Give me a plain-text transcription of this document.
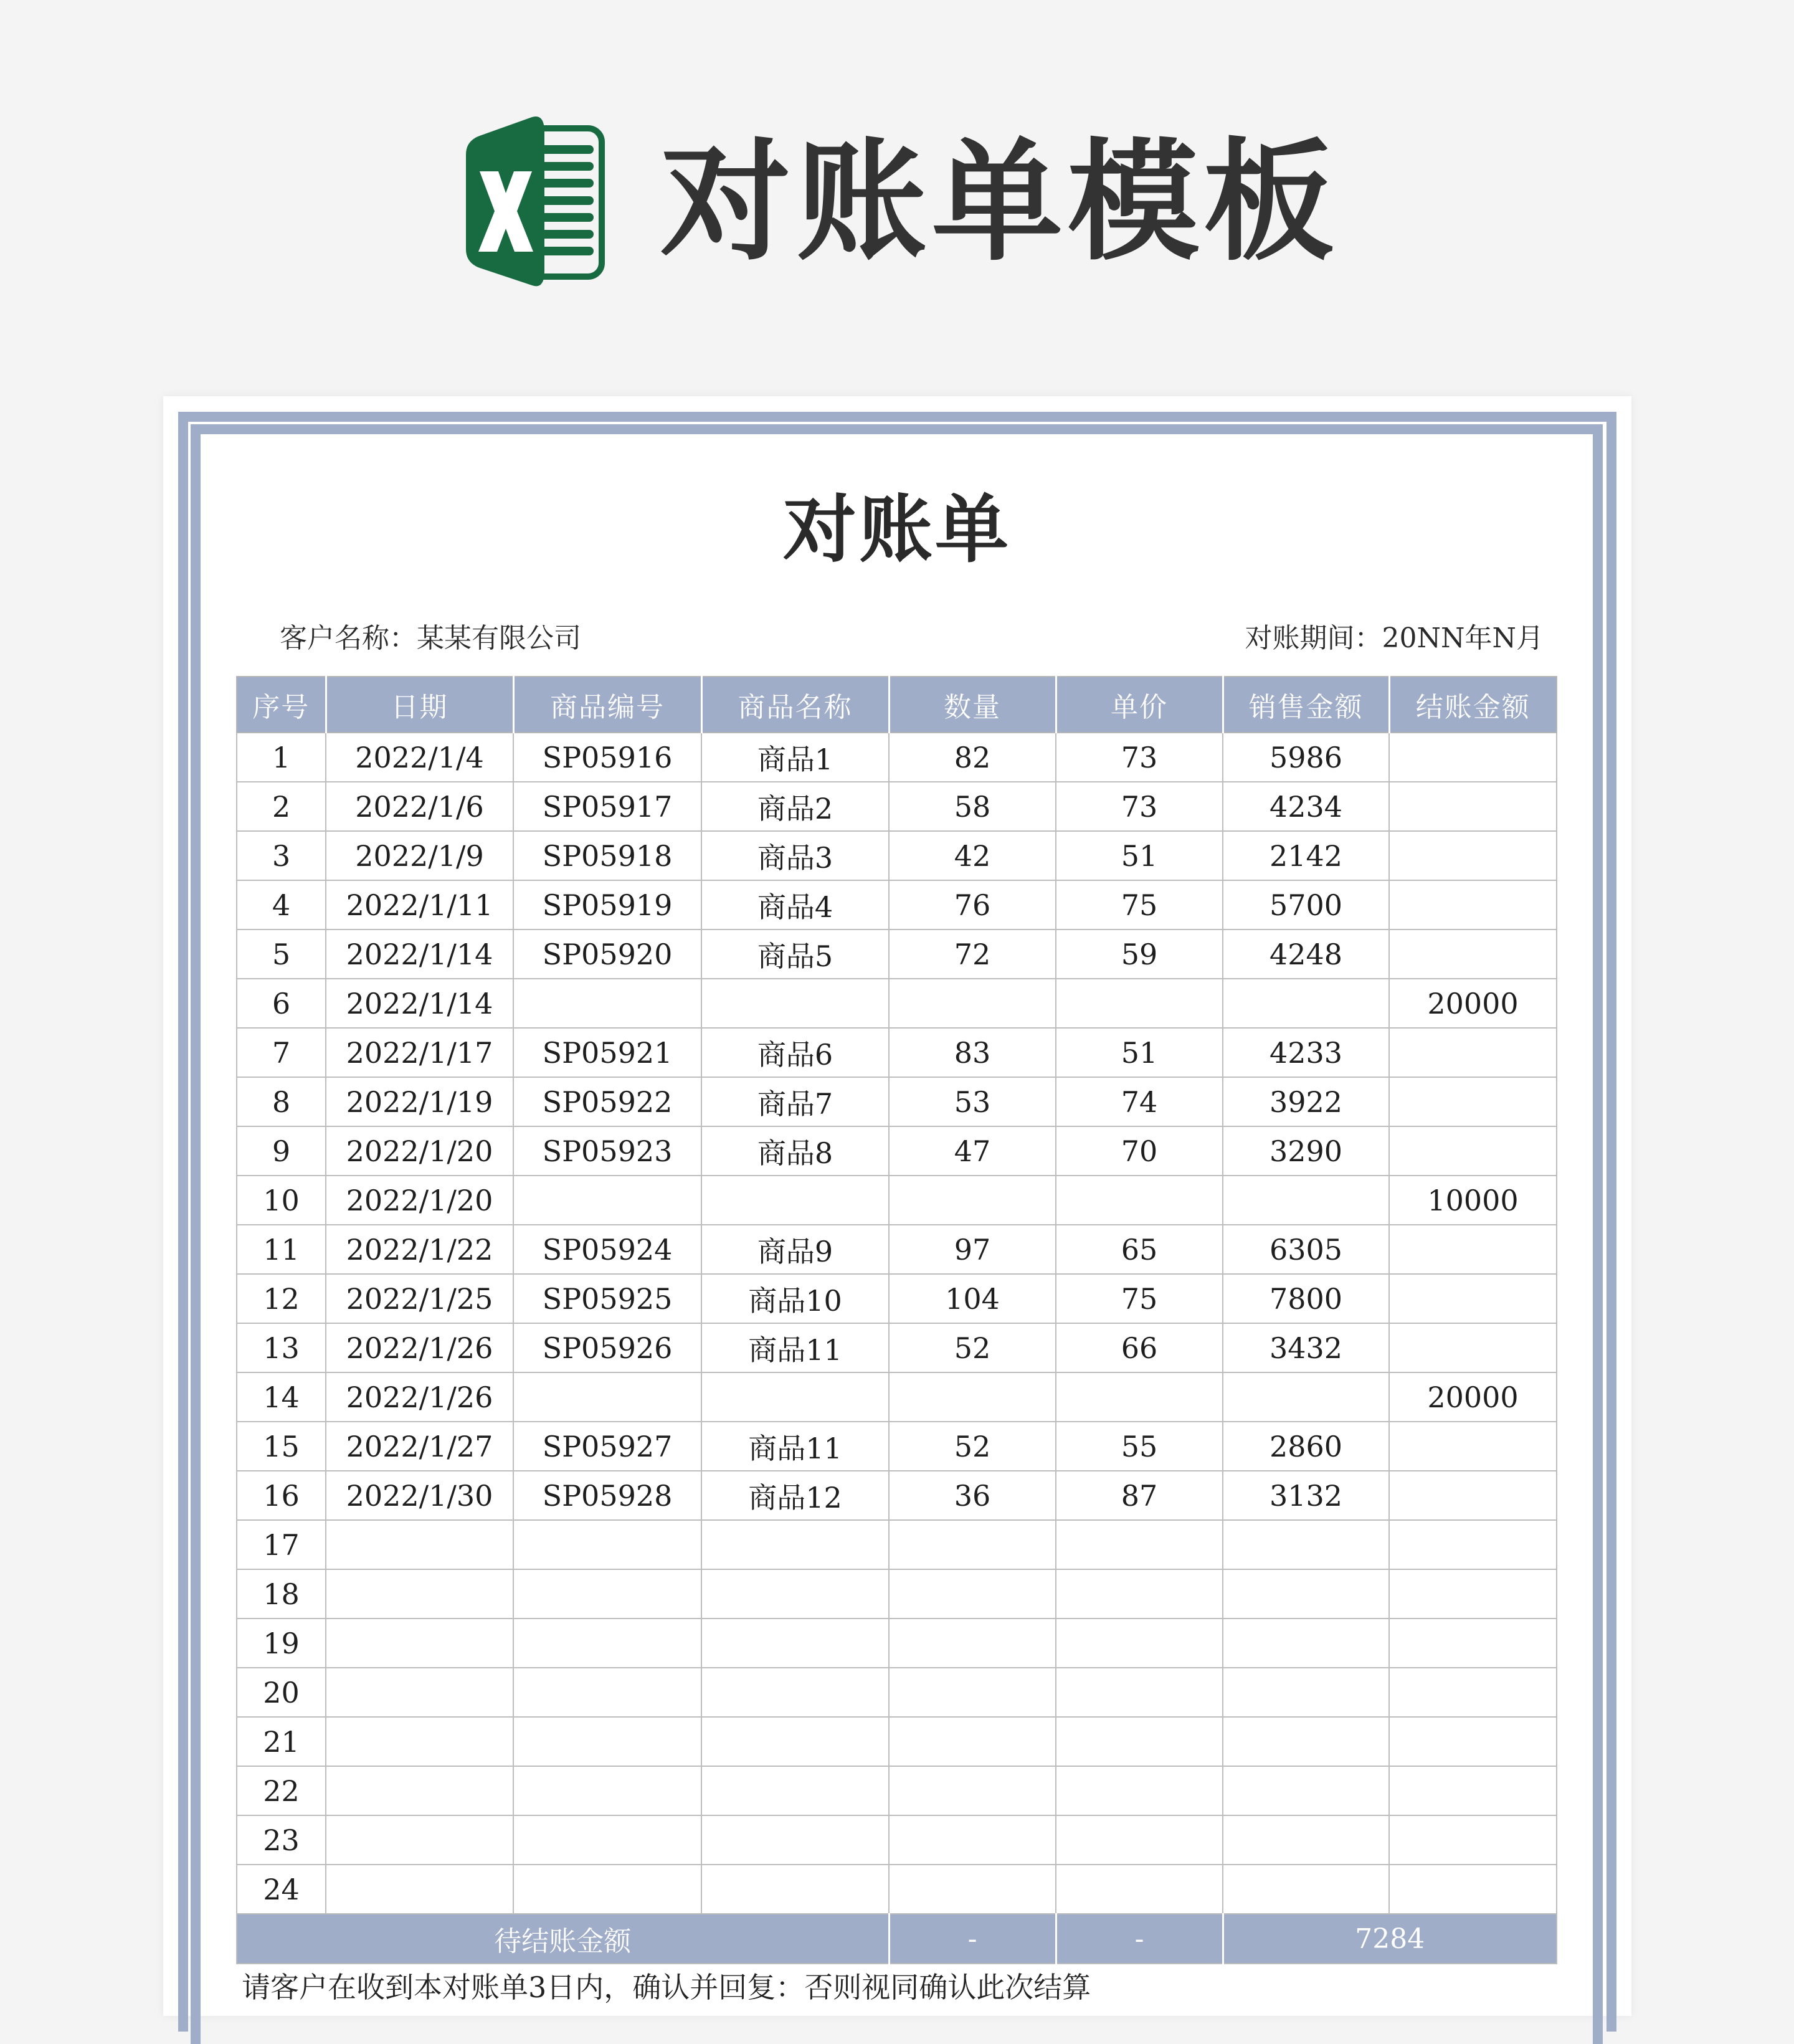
对账单模板
对账单
客户名称：某某有限公司	对账期间：20NN年N月
序号	日期	商品编号	商品名称	数量	单价	销售金额	结账金额
1	2022/1/4	SP05916	商品1	82	73	5986	
2	2022/1/6	SP05917	商品2	58	73	4234	
3	2022/1/9	SP05918	商品3	42	51	2142	
4	2022/1/11	SP05919	商品4	76	75	5700	
5	2022/1/14	SP05920	商品5	72	59	4248	
6	2022/1/14						20000
7	2022/1/17	SP05921	商品6	83	51	4233	
8	2022/1/19	SP05922	商品7	53	74	3922	
9	2022/1/20	SP05923	商品8	47	70	3290	
10	2022/1/20						10000
11	2022/1/22	SP05924	商品9	97	65	6305	
12	2022/1/25	SP05925	商品10	104	75	7800	
13	2022/1/26	SP05926	商品11	52	66	3432	
14	2022/1/26						20000
15	2022/1/27	SP05927	商品11	52	55	2860	
16	2022/1/30	SP05928	商品12	36	87	3132	
17							
18							
19							
20							
21							
22							
23							
24							
待结账金额				-	-	7284	
请客户在收到本对账单3日内，确认并回复：否则视同确认此次结算
